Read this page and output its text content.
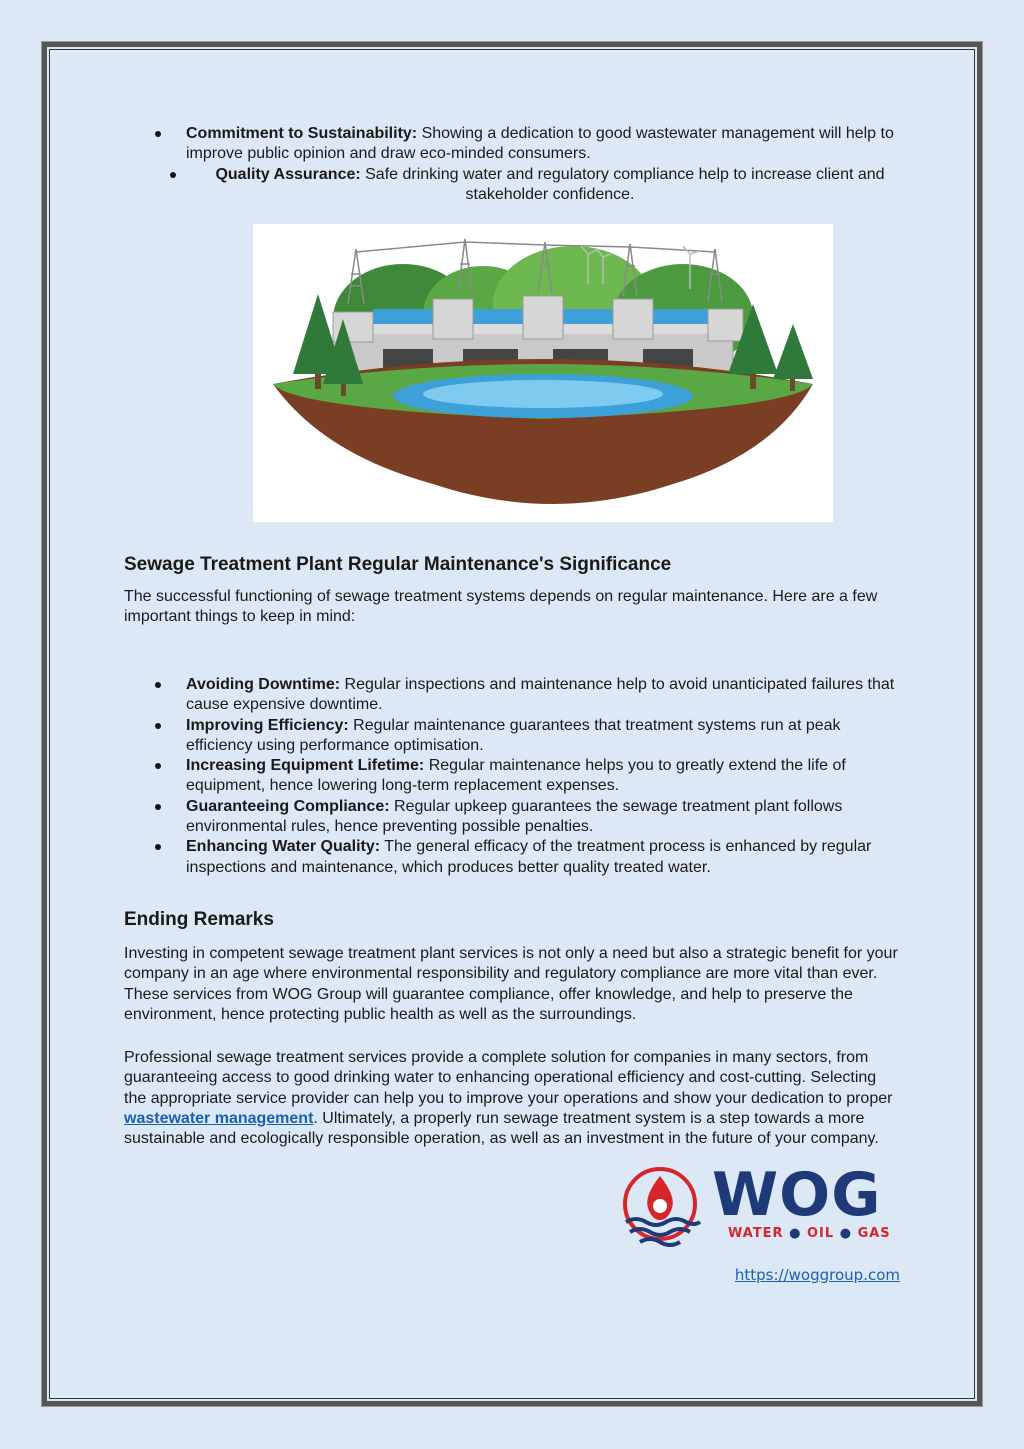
Commitment to Sustainability: Showing a dedication to good wastewater management will help to improve public opinion and draw eco-minded consumers.
Quality Assurance: Safe drinking water and regulatory compliance help to increase client and stakeholder confidence.
Sewage Treatment Plant Regular Maintenance's Significance

The successful functioning of sewage treatment systems depends on regular maintenance. Here are a few important things to keep in mind:

Avoiding Downtime: Regular inspections and maintenance help to avoid unanticipated failures that cause expensive downtime.
Improving Efficiency: Regular maintenance guarantees that treatment systems run at peak efficiency using performance optimisation.
Increasing Equipment Lifetime: Regular maintenance helps you to greatly extend the life of equipment, hence lowering long-term replacement expenses.
Guaranteeing Compliance: Regular upkeep guarantees the sewage treatment plant follows environmental rules, hence preventing possible penalties.
Enhancing Water Quality: The general efficacy of the treatment process is enhanced by regular inspections and maintenance, which produces better quality treated water.
Ending Remarks

Investing in competent sewage treatment plant services is not only a need but also a strategic benefit for your company in an age where environmental responsibility and regulatory compliance are more vital than ever. These services from WOG Group will guarantee compliance, offer knowledge, and help to preserve the environment, hence protecting public health as well as the surroundings.

Professional sewage treatment services provide a complete solution for companies in many sectors, from guaranteeing access to good drinking water to enhancing operational efficiency and cost-cutting. Selecting the appropriate service provider can help you to improve your operations and show your dedication to proper wastewater management. Ultimately, a properly run sewage treatment system is a step towards a more sustainable and ecologically responsible operation, as well as an investment in the future of your company.

WOG
WATER ● OIL ● GAS
https://woggroup.com
